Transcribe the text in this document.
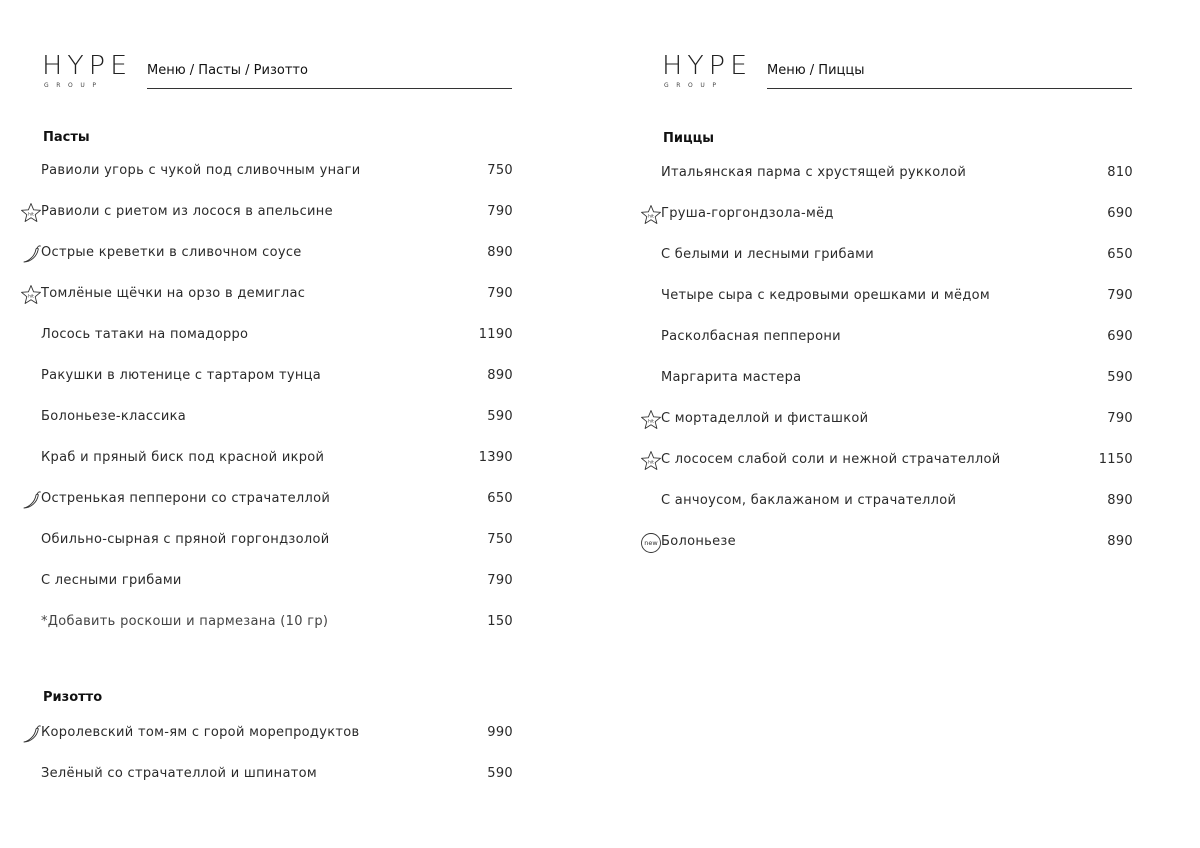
HYPE
GROUP
Меню / Пасты / Ризотто
Пасты
Ризотто
Равиоли угорь с чукой под сливочным унаги	750
hit Равиоли с риетом из лосося в апельсине	790
Острые креветки в сливочном соусе	890
hit Томлёные щёчки на орзо в демиглас	790
Лосось татаки на помадорро	1190
Ракушки в лютенице с тартаром тунца	890
Болоньезе-классика	590
Краб и пряный биск под красной икрой	1390
Остренькая пепперони со страчателлой	650
Обильно-сырная с пряной горгондзолой	750
С лесными грибами	790
*Добавить роскоши и пармезана (10 гр)	150
Королевский том-ям с горой морепродуктов	990
Зелёный со страчателлой и шпинатом	590
HYPE
GROUP
Меню / Пиццы
Пиццы
Итальянская парма с хрустящей рукколой	810
hit Груша-горгондзола-мёд	690
С белыми и лесными грибами	650
Четыре сыра с кедровыми орешками и мёдом	790
Расколбасная пепперони	690
Маргарита мастера	590
hit С мортаделлой и фисташкой	790
hit С лососем слабой соли и нежной страчателлой	1150
С анчоусом, баклажаном и страчателлой	890
new Болоньезе	890
